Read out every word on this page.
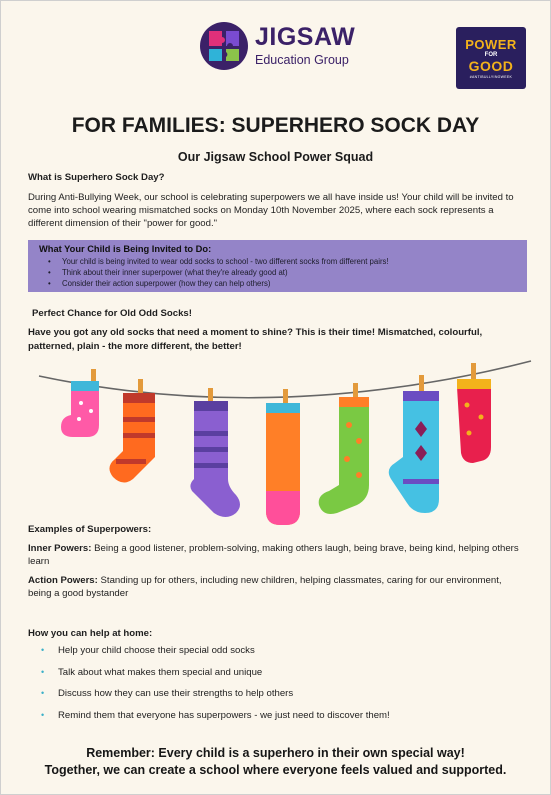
JIGSAW
Education Group
POWER
FOR
GOOD
#ANTIBULLYINGWEEK
FOR FAMILIES: SUPERHERO SOCK DAY
Our Jigsaw School Power Squad

What is Superhero Sock Day?

During Anti-Bullying Week, our school is celebrating superpowers we all have inside us! Your child will be invited to come into school wearing mismatched socks on Monday 10th November 2025, where each sock represents a different dimension of their "power for good."

What Your Child is Being Invited to Do:

• Your child is being invited to wear odd socks to school - two different socks from different pairs!
• Think about their inner superpower (what they're already good at)
• Consider their action superpower (how they can help others)

Perfect Chance for Old Odd Socks!

Have you got any old socks that need a moment to shine? This is their time! Mismatched, colourful, patterned, plain - the more different, the better!

Examples of Superpowers:

Inner Powers: Being a good listener, problem-solving, making others laugh, being brave, being kind, helping others learn

Action Powers: Standing up for others, including new children, helping classmates, caring for our environment, being a good bystander

How you can help at home:

• Help your child choose their special odd socks
• Talk about what makes them special and unique
• Discuss how they can use their strengths to help others
• Remind them that everyone has superpowers - we just need to discover them!

Remember: Every child is a superhero in their own special way!
Together, we can create a school where everyone feels valued and supported.
